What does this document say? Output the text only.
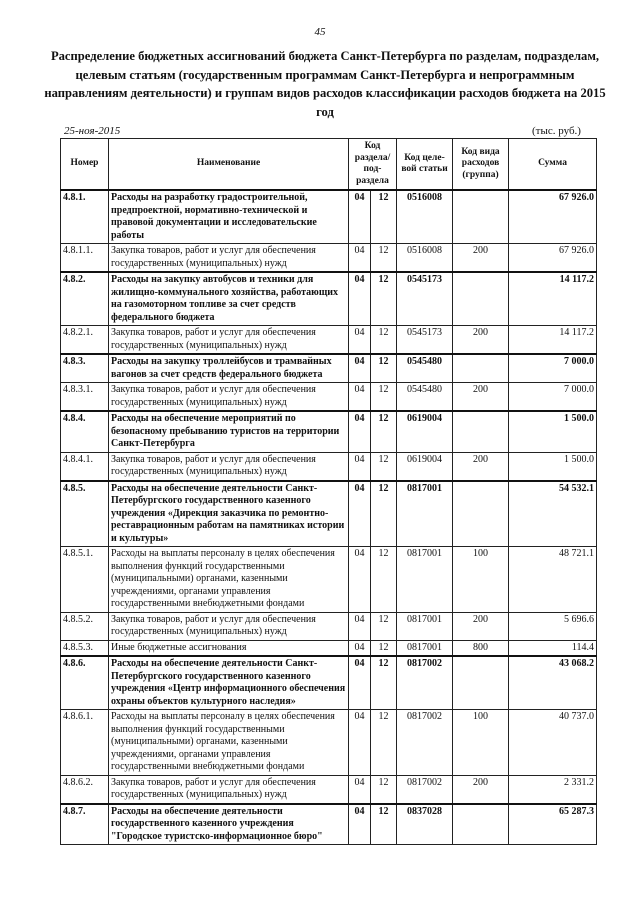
45
Распределение бюджетных ассигнований бюджета Санкт-Петербурга по разделам, подразделам, целевым статьям (государственным программам Санкт-Петербурга и непрограммным направлениям деятельности) и группам видов расходов классификации расходов бюджета на 2015 год
25-ноя-2015	(тыс. руб.)
Номер	Наименование	Код раздела/ под- раздела		Код целе- вой статьи	Код вида расходов (группа)	Сумма
4.8.1.	Расходы на разработку градостроительной, предпроектной, нормативно-технической и правовой документации и исследовательские работы	04	12	0516008		67 926.0
4.8.1.1.	Закупка товаров, работ и услуг для обеспечения государственных (муниципальных) нужд	04	12	0516008	200	67 926.0
4.8.2.	Расходы на закупку автобусов и техники для жилищно-коммунального хозяйства, работающих на газомоторном топливе за счет средств федерального бюджета	04	12	0545173		14 117.2
4.8.2.1.	Закупка товаров, работ и услуг для обеспечения государственных (муниципальных) нужд	04	12	0545173	200	14 117.2
4.8.3.	Расходы на закупку троллейбусов и трамвайных вагонов за счет средств федерального бюджета	04	12	0545480		7 000.0
4.8.3.1.	Закупка товаров, работ и услуг для обеспечения государственных (муниципальных) нужд	04	12	0545480	200	7 000.0
4.8.4.	Расходы на обеспечение мероприятий по безопасному пребыванию туристов на территории Санкт-Петербурга	04	12	0619004		1 500.0
4.8.4.1.	Закупка товаров, работ и услуг для обеспечения государственных (муниципальных) нужд	04	12	0619004	200	1 500.0
4.8.5.	Расходы на обеспечение деятельности Санкт-Петербургского государственного казенного учреждения «Дирекция заказчика по ремонтно-реставрационным работам на памятниках истории и культуры»	04	12	0817001		54 532.1
4.8.5.1.	Расходы на выплаты персоналу в целях обеспечения выполнения функций государственными (муниципальными) органами, казенными учреждениями, органами управления государственными внебюджетными фондами	04	12	0817001	100	48 721.1
4.8.5.2.	Закупка товаров, работ и услуг для обеспечения государственных (муниципальных) нужд	04	12	0817001	200	5 696.6
4.8.5.3.	Иные бюджетные ассигнования	04	12	0817001	800	114.4
4.8.6.	Расходы на обеспечение деятельности Санкт-Петербургского государственного казенного учреждения «Центр информационного обеспечения охраны объектов культурного наследия»	04	12	0817002		43 068.2
4.8.6.1.	Расходы на выплаты персоналу в целях обеспечения выполнения функций государственными (муниципальными) органами, казенными учреждениями, органами управления государственными внебюджетными фондами	04	12	0817002	100	40 737.0
4.8.6.2.	Закупка товаров, работ и услуг для обеспечения государственных (муниципальных) нужд	04	12	0817002	200	2 331.2
4.8.7.	Расходы на обеспечение деятельности государственного казенного учреждения "Городское туристско-информационное бюро"	04	12	0837028		65 287.3
